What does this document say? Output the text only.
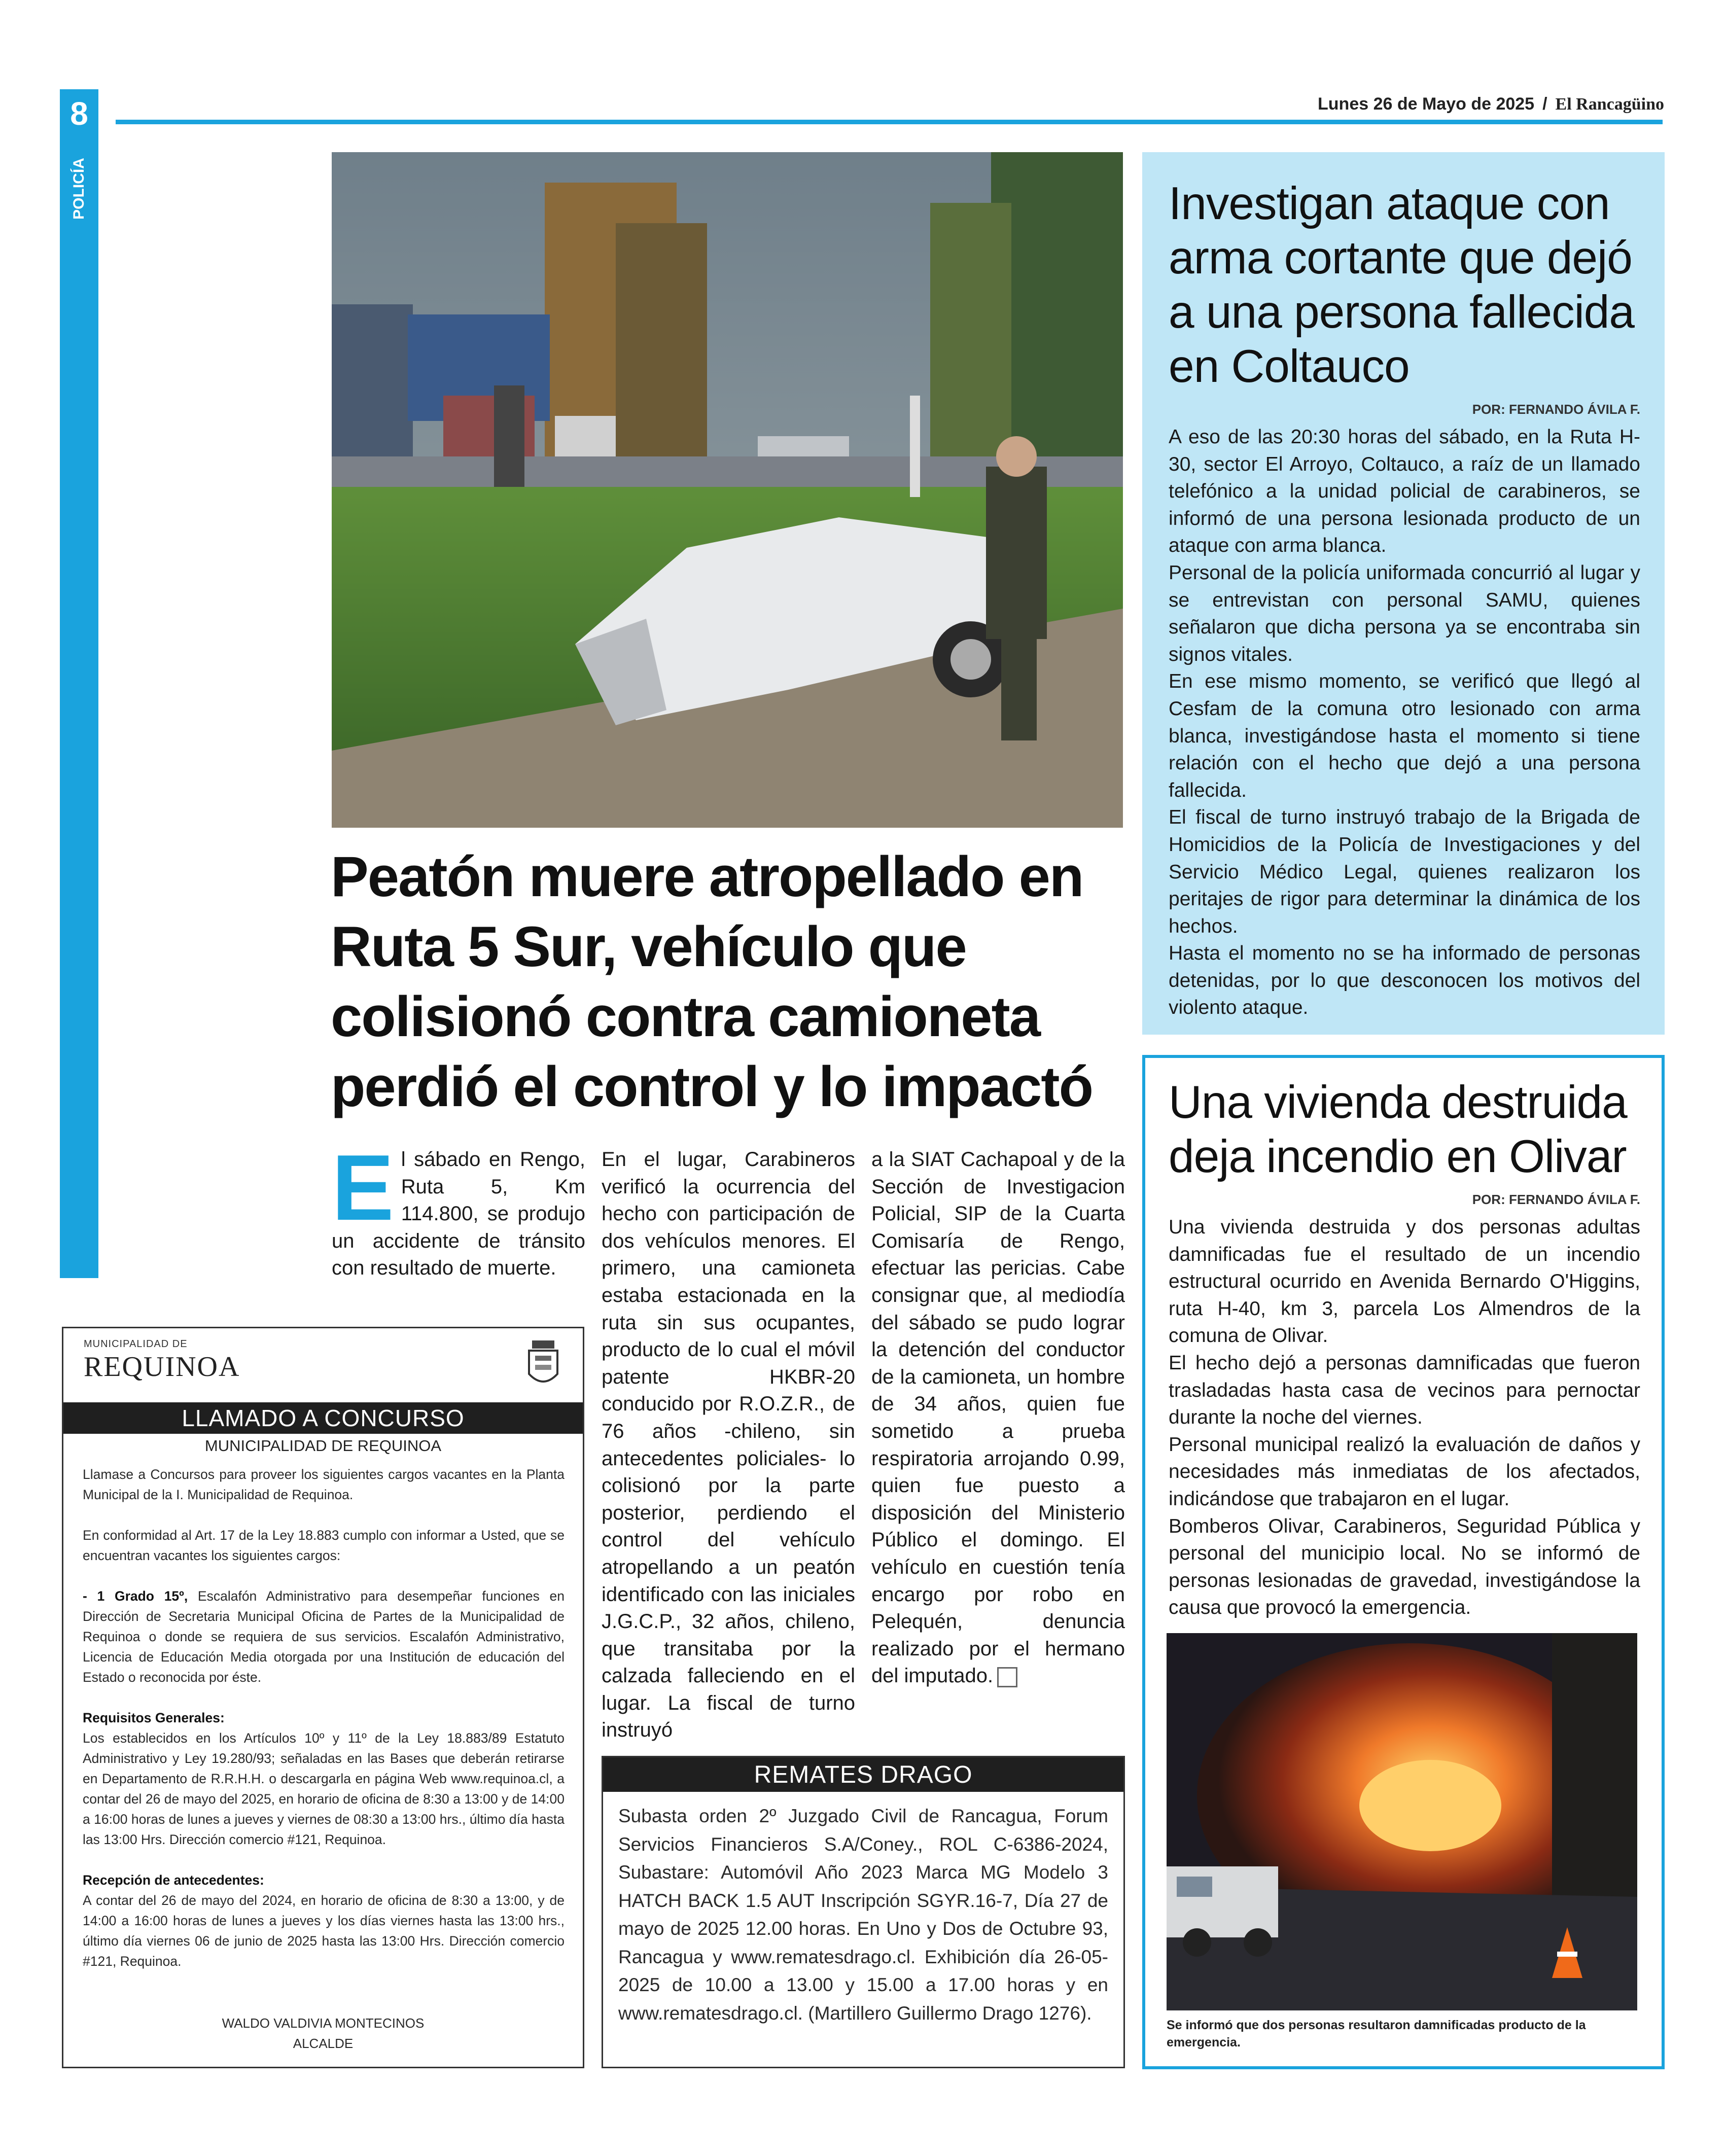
8	Lunes 26 de Mayo de 2025 / El Rancagüino
POLICÍA
Peatón muere atropellado en Ruta 5 Sur, vehículo que colisionó contra camioneta perdió el control y lo impactó
El sábado en Rengo, Ruta 5, Km 114.800, se produjo un accidente de tránsito con resultado de muerte.
En el lugar, Carabineros verificó la ocurrencia del hecho con participación de dos vehículos menores. El primero, una camioneta estaba estacionada en la ruta sin sus ocupantes, producto de lo cual el móvil patente HKBR-20 conducido por R.O.Z.R., de 76 años -chileno, sin antecedentes policiales- lo colisionó por la parte posterior, perdiendo el control del vehículo atropellando a un peatón identificado con las iniciales J.G.C.P., 32 años, chileno, que transitaba por la calzada falleciendo en el lugar. La fiscal de turno instruyó
a la SIAT Cachapoal y de la Sección de Investigacion Policial, SIP de la Cuarta Comisaría de Rengo, efectuar las pericias. Cabe consignar que, al mediodía del sábado se pudo lograr la detención del conductor de la camioneta, un hombre de 34 años, quien fue sometido a prueba respiratoria arrojando 0.99, quien fue puesto a disposición del Ministerio Público el domingo. El vehículo en cuestión tenía encargo por robo en Pelequén, denuncia realizado por el hermano del imputado.
Investigan ataque con arma cortante que dejó a una persona fallecida en Coltauco
POR: FERNANDO ÁVILA F.

A eso de las 20:30 horas del sábado, en la Ruta H-30, sector El Arroyo, Coltauco, a raíz de un llamado telefónico a la unidad policial de carabineros, se informó de una persona lesionada producto de un ataque con arma blanca.

Personal de la policía uniformada concurrió al lugar y se entrevistan con personal SAMU, quienes señalaron que dicha persona ya se encontraba sin signos vitales.

En ese mismo momento, se verificó que llegó al Cesfam de la comuna otro lesionado con arma blanca, investigándose hasta el momento si tiene relación con el hecho que dejó a una persona fallecida.

El fiscal de turno instruyó trabajo de la Brigada de Homicidios de la Policía de Investigaciones y del Servicio Médico Legal, quienes realizaron los peritajes de rigor para determinar la dinámica de los hechos.

Hasta el momento no se ha informado de personas detenidas, por lo que desconocen los motivos del violento ataque.

Una vivienda destruida deja incendio en Olivar
POR: FERNANDO ÁVILA F.

Una vivienda destruida y dos personas adultas damnificadas fue el resultado de un incendio estructural ocurrido en Avenida Bernardo O'Higgins, ruta H-40, km 3, parcela Los Almendros de la comuna de Olivar.

El hecho dejó a personas damnificadas que fueron trasladadas hasta casa de vecinos para pernoctar durante la noche del viernes.

Personal municipal realizó la evaluación de daños y necesidades más inmediatas de los afectados, indicándose que trabajaron en el lugar.

Bomberos Olivar, Carabineros, Seguridad Pública y personal del municipio local. No se informó de personas lesionadas de gravedad, investigándose la causa que provocó la emergencia.

Se informó que dos personas resultaron damnificadas producto de la emergencia.
MUNICIPALIDAD DE
REQUINOA
LLAMADO A CONCURSO
MUNICIPALIDAD DE REQUINOA

Llamase a Concursos para proveer los siguientes cargos vacantes en la Planta Municipal de la I. Municipalidad de Requinoa.

En conformidad al Art. 17 de la Ley 18.883 cumplo con informar a Usted, que se encuentran vacantes los siguientes cargos:

- 1 Grado 15º, Escalafón Administrativo para desempeñar funciones en Dirección de Secretaria Municipal Oficina de Partes de la Municipalidad de Requinoa o donde se requiera de sus servicios. Escalafón Administrativo, Licencia de Educación Media otorgada por una Institución de educación del Estado o reconocida por éste.

Requisitos Generales:
Los establecidos en los Artículos 10º y 11º de la Ley 18.883/89 Estatuto Administrativo y Ley 19.280/93; señaladas en las Bases que deberán retirarse en Departamento de R.R.H.H. o descargarla en página Web www.requinoa.cl, a contar del 26 de mayo del 2025, en horario de oficina de 8:30 a 13:00 y de 14:00 a 16:00 horas de lunes a jueves y viernes de 08:30 a 13:00 hrs., último día hasta las 13:00 Hrs. Dirección comercio #121, Requinoa.

Recepción de antecedentes:
A contar del 26 de mayo del 2024, en horario de oficina de 8:30 a 13:00, y de 14:00 a 16:00 horas de lunes a jueves y los días viernes hasta las 13:00 hrs., último día viernes 06 de junio de 2025 hasta las 13:00 Hrs. Dirección comercio #121, Requinoa.

WALDO VALDIVIA MONTECINOS
ALCALDE
REMATES DRAGO
Subasta orden 2º Juzgado Civil de Rancagua, Forum Servicios Financieros S.A/Coney., ROL C-6386-2024, Subastare: Automóvil Año 2023 Marca MG Modelo 3 HATCH BACK 1.5 AUT Inscripción SGYR.16-7, Día 27 de mayo de 2025 12.00 horas. En Uno y Dos de Octubre 93, Rancagua y www.rematesdrago.cl. Exhibición día 26-05-2025 de 10.00 a 13.00 y 15.00 a 17.00 horas y en www.rematesdrago.cl. (Martillero Guillermo Drago 1276).
